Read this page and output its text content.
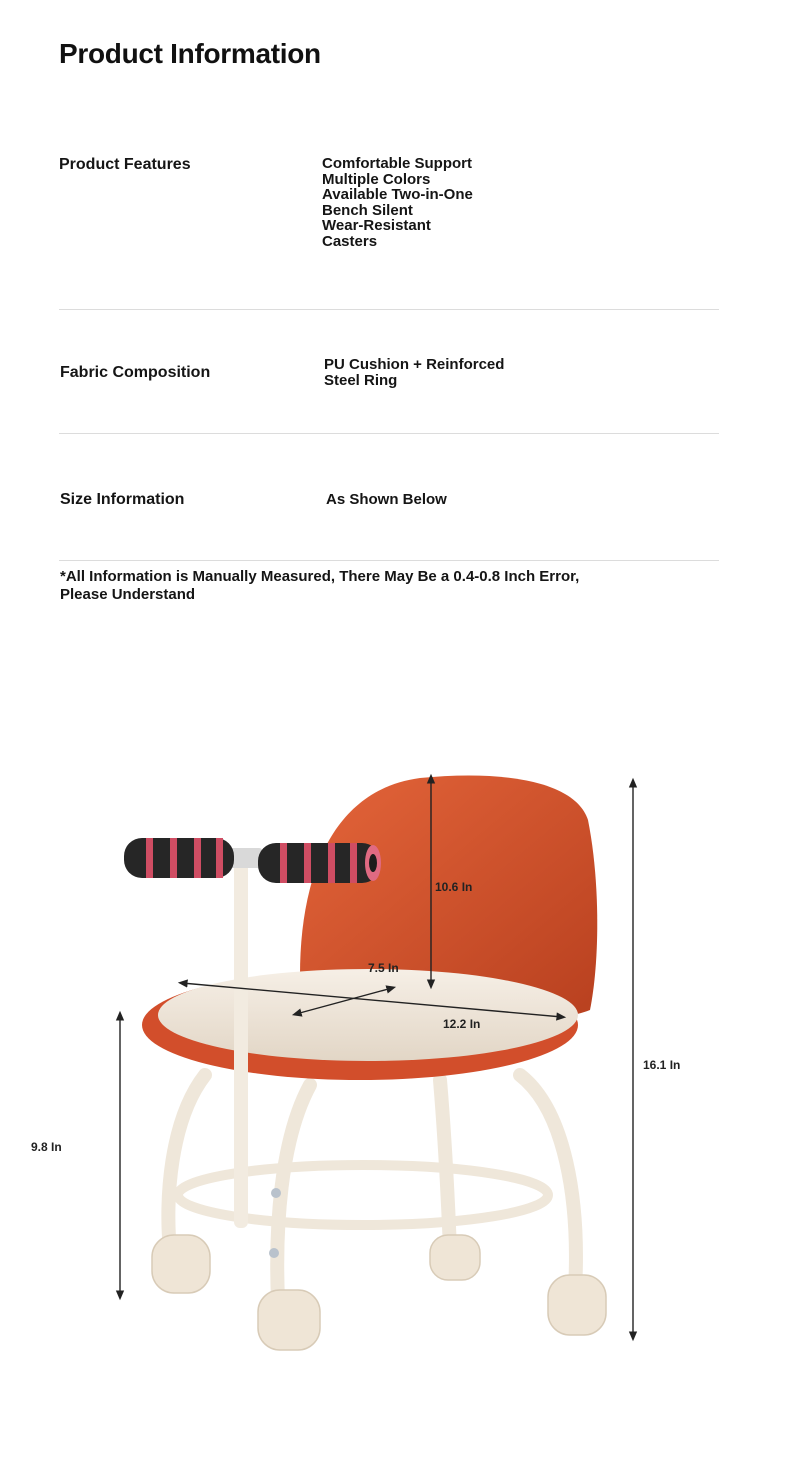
Product Information
Product Features	Comfortable Support
Multiple Colors
Available Two-in-One
Bench Silent
Wear-Resistant
Casters
Fabric Composition	PU Cushion + Reinforced
Steel Ring
Size Information	As Shown Below
*All Information is Manually Measured, There May Be a 0.4-0.8 Inch Error,
Please Understand
10.6 In
7.5 In
12.2 In
16.1 In
9.8 In
